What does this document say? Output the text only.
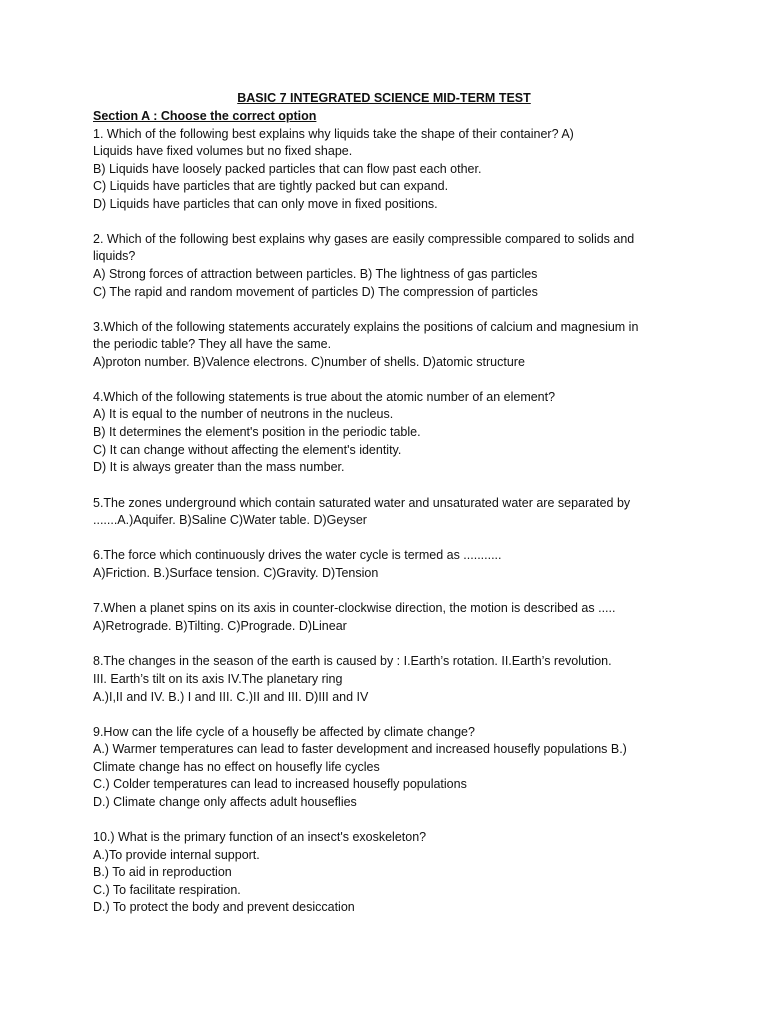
BASIC 7 INTEGRATED SCIENCE MID-TERM TEST
Section A : Choose the correct option
1. Which of the following best explains why liquids take the shape of their container? A)
Liquids have fixed volumes but no fixed shape.
B) Liquids have loosely packed particles that can flow past each other.
C) Liquids have particles that are tightly packed but can expand.
D) Liquids have particles that can only move in fixed positions.
2. Which of the following best explains why gases are easily compressible compared to solids and
liquids?
A) Strong forces of attraction between particles. B) The lightness of gas particles
C) The rapid and random movement of particles D) The compression of particles
3.Which of the following statements accurately explains the positions of calcium and magnesium in
the periodic table? They all have the same.
A)proton number. B)Valence electrons. C)number of shells. D)atomic structure
4.Which of the following statements is true about the atomic number of an element?
A) It is equal to the number of neutrons in the nucleus.
B) It determines the element's position in the periodic table.
C) It can change without affecting the element's identity.
D) It is always greater than the mass number.
5.The zones underground which contain saturated water and unsaturated water are separated by
.......A.)Aquifer. B)Saline C)Water table. D)Geyser
6.The force which continuously drives the water cycle is termed as ...........
A)Friction. B.)Surface tension. C)Gravity. D)Tension
7.When a planet spins on its axis in counter-clockwise direction, the motion is described as .....
A)Retrograde. B)Tilting. C)Prograde. D)Linear
8.The changes in the season of the earth is caused by : I.Earth’s rotation. II.Earth’s revolution.
III. Earth’s tilt on its axis IV.The planetary ring
A.)I,II and IV. B.) I and III. C.)II and III. D)III and IV
9.How can the life cycle of a housefly be affected by climate change?
A.) Warmer temperatures can lead to faster development and increased housefly populations B.)
Climate change has no effect on housefly life cycles
C.) Colder temperatures can lead to increased housefly populations
D.) Climate change only affects adult houseflies
10.) What is the primary function of an insect's exoskeleton?
A.)To provide internal support.
B.) To aid in reproduction
C.) To facilitate respiration.
D.) To protect the body and prevent desiccation
